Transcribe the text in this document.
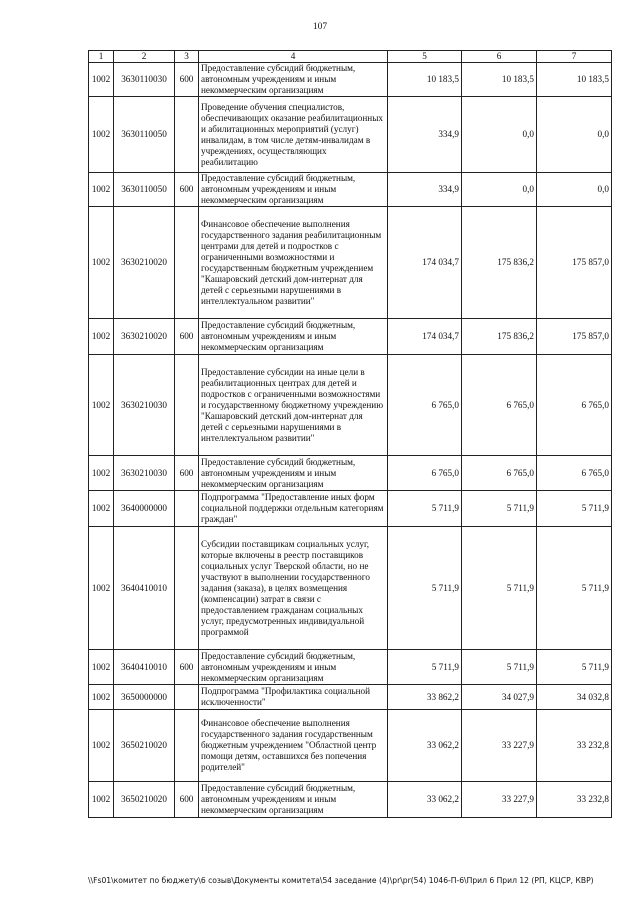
107
1	2	3	4	5	6	7
1002	3630110030	600	Предоставление субсидий бюджетным, автономным учреждениям и иным некоммерческим организациям	10 183,5	10 183,5	10 183,5
1002	3630110050		Проведение обучения специалистов, обеспечивающих оказание реабилитационных и абилитационных мероприятий (услуг) инвалидам, в том числе детям-инвалидам в учреждениях, осуществляющих реабилитацию	334,9	0,0	0,0
1002	3630110050	600	Предоставление субсидий бюджетным, автономным учреждениям и иным некоммерческим организациям	334,9	0,0	0,0
1002	3630210020		Финансовое обеспечение выполнения государственного задания реабилитационным центрами для детей и подростков с ограниченными возможностями и государственным бюджетным учреждением "Кашаровский детский дом-интернат для детей с серьезными нарушениями в интеллектуальном развитии"	174 034,7	175 836,2	175 857,0
1002	3630210020	600	Предоставление субсидий бюджетным, автономным учреждениям и иным некоммерческим организациям	174 034,7	175 836,2	175 857,0
1002	3630210030		Предоставление субсидии на иные цели в реабилитационных центрах для детей и подростков с ограниченными возможностями и государственному бюджетному учреждению "Кашаровский детский дом-интернат для детей с серьезными нарушениями в интеллектуальном развитии"	6 765,0	6 765,0	6 765,0
1002	3630210030	600	Предоставление субсидий бюджетным, автономным учреждениям и иным некоммерческим организациям	6 765,0	6 765,0	6 765,0
1002	3640000000		Подпрограмма "Предоставление иных форм социальной поддержки отдельным категориям граждан"	5 711,9	5 711,9	5 711,9
1002	3640410010		Субсидии поставщикам социальных услуг, которые включены в реестр поставщиков социальных услуг Тверской области, но не участвуют в выполнении государственного задания (заказа), в целях возмещения (компенсации) затрат в связи с предоставлением гражданам социальных услуг, предусмотренных индивидуальной программой	5 711,9	5 711,9	5 711,9
1002	3640410010	600	Предоставление субсидий бюджетным, автономным учреждениям и иным некоммерческим организациям	5 711,9	5 711,9	5 711,9
1002	3650000000		Подпрограмма "Профилактика социальной исключенности"	33 862,2	34 027,9	34 032,8
1002	3650210020		Финансовое обеспечение выполнения государственного задания государственным бюджетным учреждением "Областной центр помощи детям, оставшихся без попечения родителей"	33 062,2	33 227,9	33 232,8
1002	3650210020	600	Предоставление субсидий бюджетным, автономным учреждениям и иным некоммерческим организациям	33 062,2	33 227,9	33 232,8
\\Fs01\комитет по бюджету\6 созыв\Документы комитета\54 заседание (4)\pr\pr(54) 1046-П-6\Прил 6 Прил 12 (РП, КЦСР, КВР)
